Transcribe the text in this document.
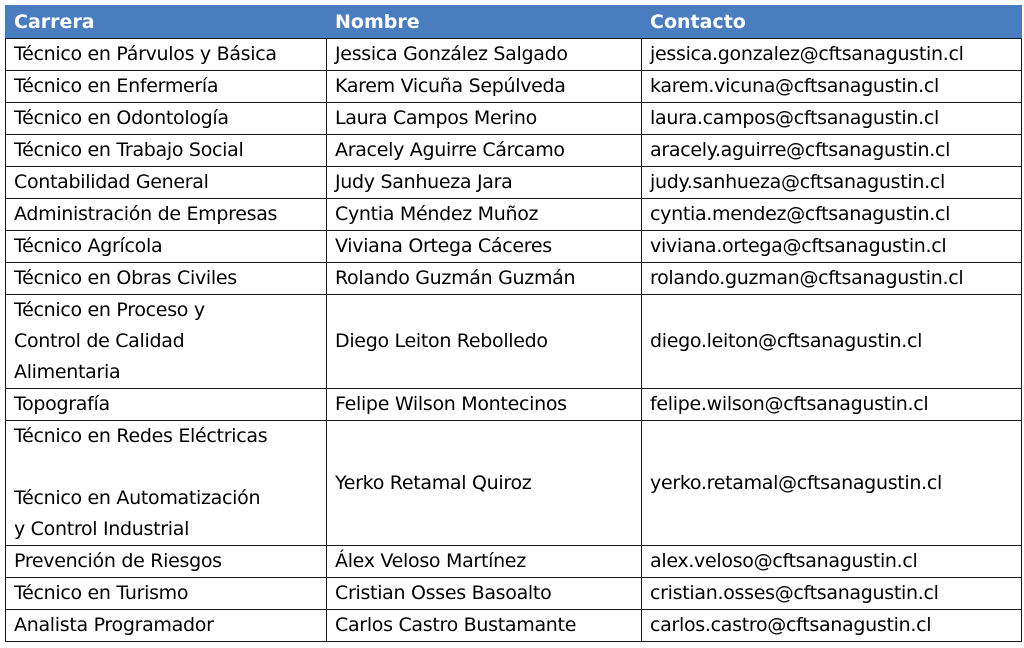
Carrera	Nombre	Contacto
Técnico en Párvulos y Básica	Jessica González Salgado	jessica.gonzalez@cftsanagustin.cl
Técnico en Enfermería	Karem Vicuña Sepúlveda	karem.vicuna@cftsanagustin.cl
Técnico en Odontología	Laura Campos Merino	laura.campos@cftsanagustin.cl
Técnico en Trabajo Social	Aracely Aguirre Cárcamo	aracely.aguirre@cftsanagustin.cl
Contabilidad General	Judy Sanhueza Jara	judy.sanhueza@cftsanagustin.cl
Administración de Empresas	Cyntia Méndez Muñoz	cyntia.mendez@cftsanagustin.cl
Técnico Agrícola	Viviana Ortega Cáceres	viviana.ortega@cftsanagustin.cl
Técnico en Obras Civiles	Rolando Guzmán Guzmán	rolando.guzman@cftsanagustin.cl

Técnico en Proceso y
Control de Calidad
Alimentaria	Diego Leiton Rebolledo	diego.leiton@cftsanagustin.cl
Topografía	Felipe Wilson Montecinos	felipe.wilson@cftsanagustin.cl

Técnico en Redes Eléctricas
Técnico en Automatización
y Control Industrial	Yerko Retamal Quiroz	yerko.retamal@cftsanagustin.cl
Prevención de Riesgos	Álex Veloso Martínez	alex.veloso@cftsanagustin.cl
Técnico en Turismo	Cristian Osses Basoalto	cristian.osses@cftsanagustin.cl
Analista Programador	Carlos Castro Bustamante	carlos.castro@cftsanagustin.cl
